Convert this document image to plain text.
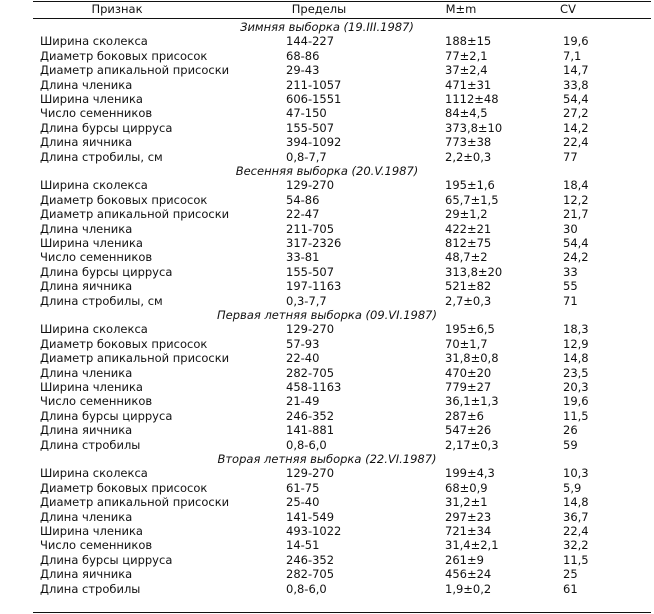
Признак	Пределы	M±m	CV
Зимняя выборка (19.III.1987)
Ширина сколекса	144-227	188±15	19,6
Диаметр боковых присосок	68-86	77±2,1	7,1
Диаметр апикальной присоски	29-43	37±2,4	14,7
Длина членика	211-1057	471±31	33,8
Ширина членика	606-1551	1112±48	54,4
Число семенников	47-150	84±4,5	27,2
Длина бурсы цирруса	155-507	373,8±10	14,2
Длина яичника	394-1092	773±38	22,4
Длина стробилы, см	0,8-7,7	2,2±0,3	77
Весенняя выборка (20.V.1987)
Ширина сколекса	129-270	195±1,6	18,4
Диаметр боковых присосок	54-86	65,7±1,5	12,2
Диаметр апикальной присоски	22-47	29±1,2	21,7
Длина членика	211-705	422±21	30
Ширина членика	317-2326	812±75	54,4
Число семенников	33-81	48,7±2	24,2
Длина бурсы цирруса	155-507	313,8±20	33
Длина яичника	197-1163	521±82	55
Длина стробилы, см	0,3-7,7	2,7±0,3	71
Первая летняя выборка (09.VI.1987)
Ширина сколекса	129-270	195±6,5	18,3
Диаметр боковых присосок	57-93	70±1,7	12,9
Диаметр апикальной присоски	22-40	31,8±0,8	14,8
Длина членика	282-705	470±20	23,5
Ширина членика	458-1163	779±27	20,3
Число семенников	21-49	36,1±1,3	19,6
Длина бурсы цирруса	246-352	287±6	11,5
Длина яичника	141-881	547±26	26
Длина стробилы	0,8-6,0	2,17±0,3	59
Вторая летняя выборка (22.VI.1987)
Ширина сколекса	129-270	199±4,3	10,3
Диаметр боковых присосок	61-75	68±0,9	5,9
Диаметр апикальной присоски	25-40	31,2±1	14,8
Длина членика	141-549	297±23	36,7
Ширина членика	493-1022	721±34	22,4
Число семенников	14-51	31,4±2,1	32,2
Длина бурсы цирруса	246-352	261±9	11,5
Длина яичника	282-705	456±24	25
Длина стробилы	0,8-6,0	1,9±0,2	61
